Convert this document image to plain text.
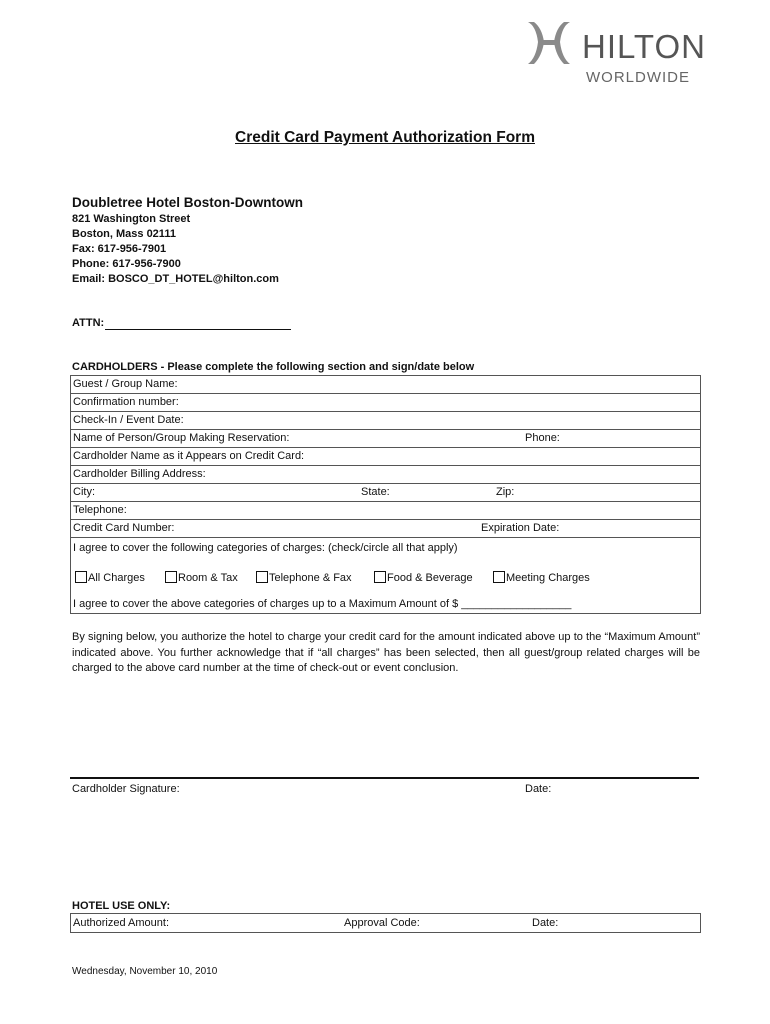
HILTON
WORLDWIDE
Credit Card Payment Authorization Form
Doubletree Hotel Boston-Downtown
821 Washington Street
Boston, Mass 02111
Fax: 617-956-7901
Phone: 617-956-7900
Email: BOSCO_DT_HOTEL@hilton.com
ATTN:
CARDHOLDERS - Please complete the following section and sign/date below
Guest / Group Name:

Confirmation number:

Check-In / Event Date:

Name of Person/Group Making Reservation:	Phone:

Cardholder Name as it Appears on Credit Card:

Cardholder Billing Address:

City:	State:	Zip:

Telephone:

Credit Card Number:	Expiration Date:

I agree to cover the following categories of charges: (check/circle all that apply)
All Charges	Room & Tax	Telephone & Fax	Food & Beverage	Meeting Charges
I agree to cover the above categories of charges up to a Maximum Amount of $ __________________
By signing below, you authorize the hotel to charge your credit card for the amount indicated above up to the “Maximum Amount” indicated above. You further acknowledge that if “all charges” has been selected, then all guest/group related charges will be charged to the above card number at the time of check-out or event conclusion.
Cardholder Signature:	Date:
HOTEL USE ONLY:
Authorized Amount:	Approval Code:	Date:
Wednesday, November 10, 2010
